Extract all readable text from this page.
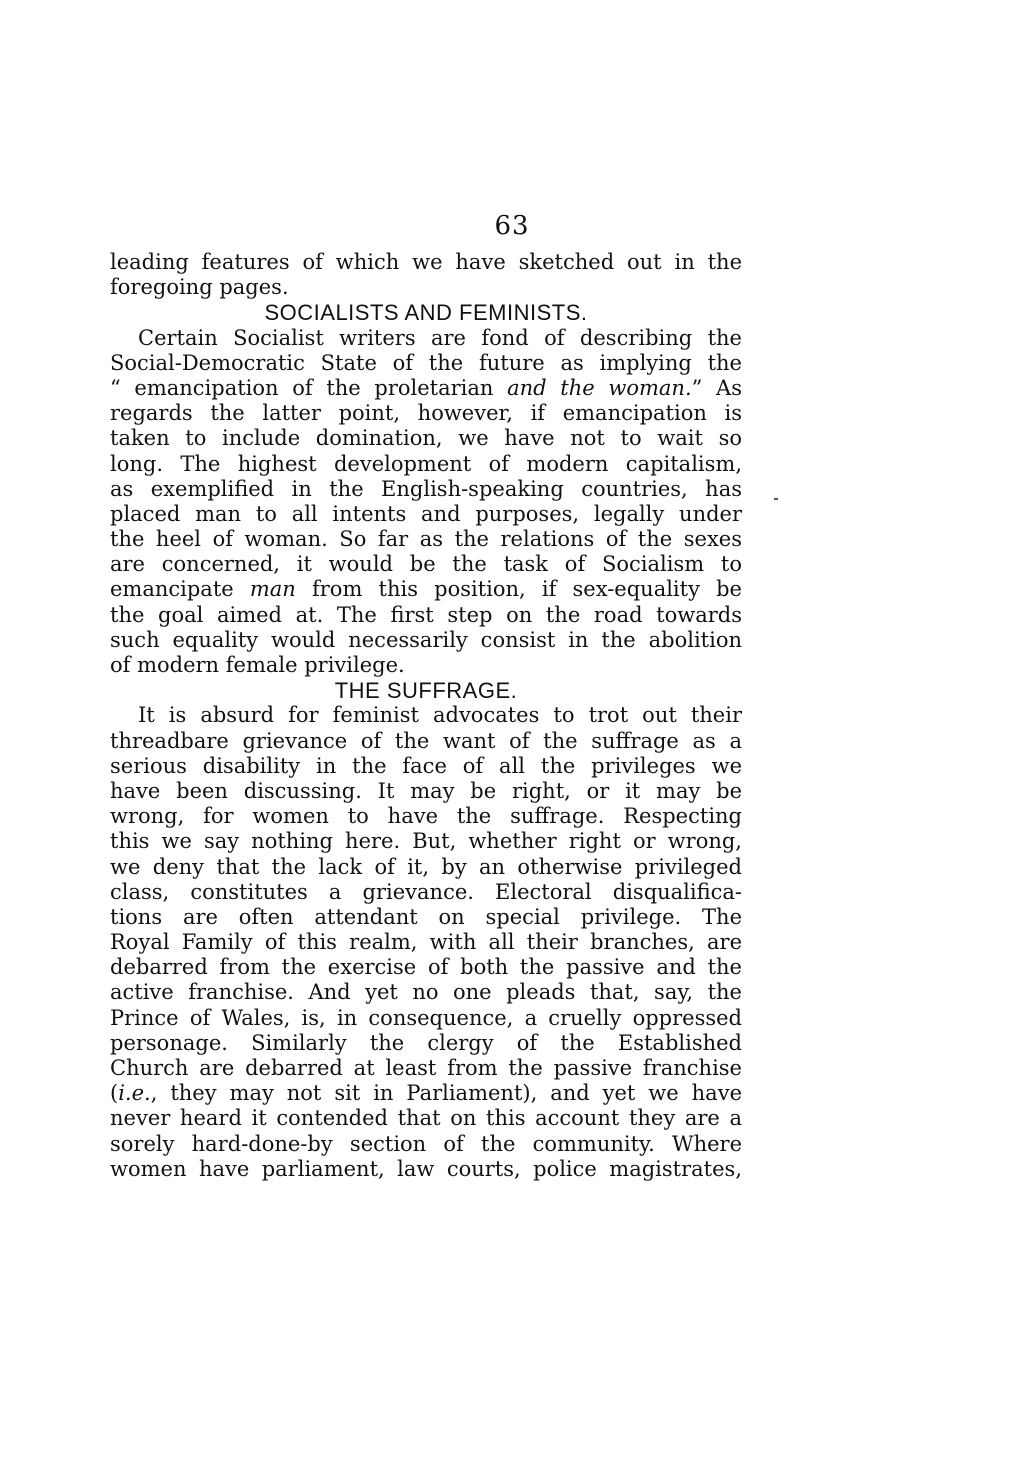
63
leading features of which we have sketched out in the
foregoing pages.
SOCIALISTS AND FEMINISTS.
Certain Socialist writers are fond of describing the
Social-Democratic State of the future as implying the
“ emancipation of the proletarian and the woman.” As
regards the latter point, however, if emancipation is
taken to include domination, we have not to wait so
long. The highest development of modern capitalism,
as exemplified in the English-speaking countries, has
placed man to all intents and purposes, legally under
the heel of woman. So far as the relations of the sexes
are concerned, it would be the task of Socialism to
emancipate man from this position, if sex-equality be
the goal aimed at. The first step on the road towards
such equality would necessarily consist in the abolition
of modern female privilege.
THE SUFFRAGE.
It is absurd for feminist advocates to trot out their
threadbare grievance of the want of the suffrage as a
serious disability in the face of all the privileges we
have been discussing. It may be right, or it may be
wrong, for women to have the suffrage. Respecting
this we say nothing here. But, whether right or wrong,
we deny that the lack of it, by an otherwise privileged
class, constitutes a grievance. Electoral disqualifica-
tions are often attendant on special privilege. The
Royal Family of this realm, with all their branches, are
debarred from the exercise of both the passive and the
active franchise. And yet no one pleads that, say, the
Prince of Wales, is, in consequence, a cruelly oppressed
personage. Similarly the clergy of the Established
Church are debarred at least from the passive franchise
(i.e., they may not sit in Parliament), and yet we have
never heard it contended that on this account they are a
sorely hard-done-by section of the community. Where
women have parliament, law courts, police magistrates,
